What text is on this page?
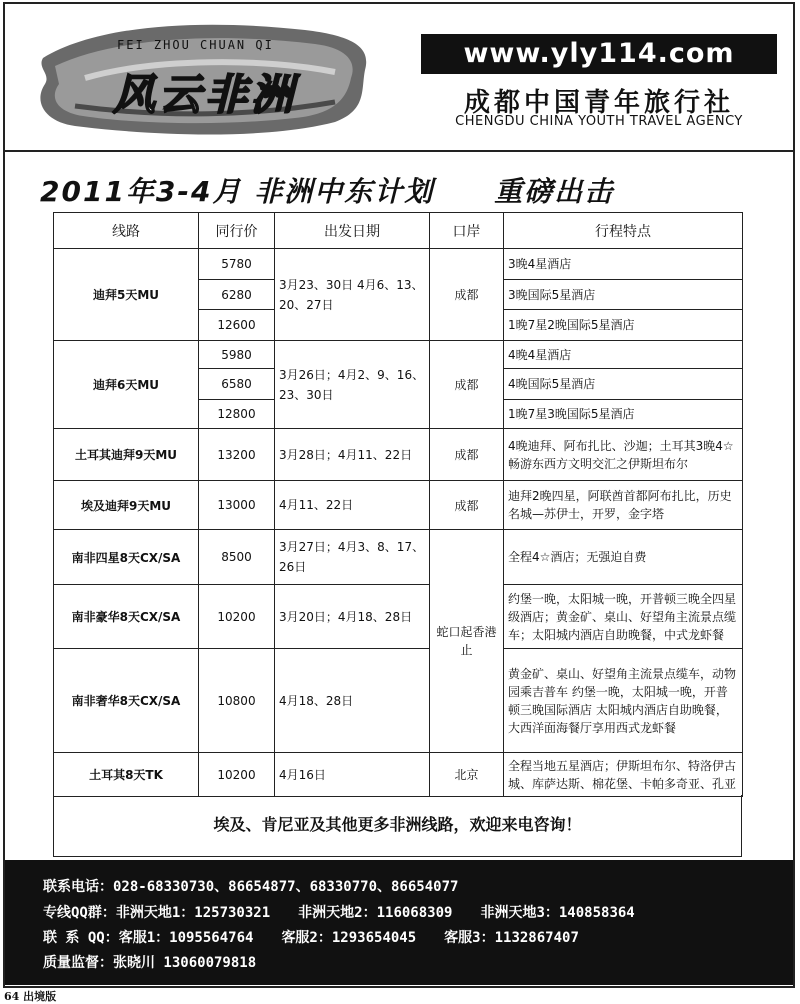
FEI ZHOU CHUAN QI
风云非洲
www.yly114.com
成都中国青年旅行社
CHENGDU CHINA YOUTH TRAVEL AGENCY
2011年3-4月 非洲中东计划 重磅出击
线路	同行价	出发日期	口岸	行程特点
迪拜5天MU	5780	3月23、30日 4月6、13、20、27日	成都	3晚4星酒店
	6280			3晚国际5星酒店
	12600			1晚7星2晚国际5星酒店
迪拜6天MU	5980	3月26日；4月2、9、16、23、30日	成都	4晚4星酒店
	6580			4晚国际5星酒店
	12800			1晚7星3晚国际5星酒店
土耳其迪拜9天MU	13200	3月28日；4月11、22日	成都	4晚迪拜、阿布扎比、沙迦；土耳其3晚4☆ 畅游东西方文明交汇之伊斯坦布尔
埃及迪拜9天MU	13000	4月11、22日	成都	迪拜2晚四星，阿联酋首都阿布扎比，历史名城—苏伊士，开罗，金字塔
南非四星8天CX/SA	8500	3月27日；4月3、8、17、26日	蛇口起香港止	全程4☆酒店；无强迫自费
南非豪华8天CX/SA	10200	3月20日；4月18、28日		约堡一晚，太阳城一晚，开普顿三晚全四星级酒店；黄金矿、桌山、好望角主流景点缆车；太阳城内酒店自助晚餐，中式龙虾餐
南非奢华8天CX/SA	10800	4月18、28日		黄金矿、桌山、好望角主流景点缆车，动物园乘吉普车 约堡一晚，太阳城一晚，开普顿三晚国际酒店 太阳城内酒店自助晚餐，大西洋面海餐厅享用西式龙虾餐
土耳其8天TK	10200	4月16日	北京	全程当地五星酒店；伊斯坦布尔、特洛伊古城、库萨达斯、棉花堡、卡帕多奇亚、孔亚
埃及、肯尼亚及其他更多非洲线路，欢迎来电咨询！
联系电话：028-68330730、86654877、68330770、86654077
专线QQ群：非洲天地1：125730321 非洲天地2：116068309 非洲天地3：140858364
联 系 QQ：客服1：1095564764 客服2：1293654045 客服3：1132867407
质量监督：张晓川 13060079818
64 出境版
